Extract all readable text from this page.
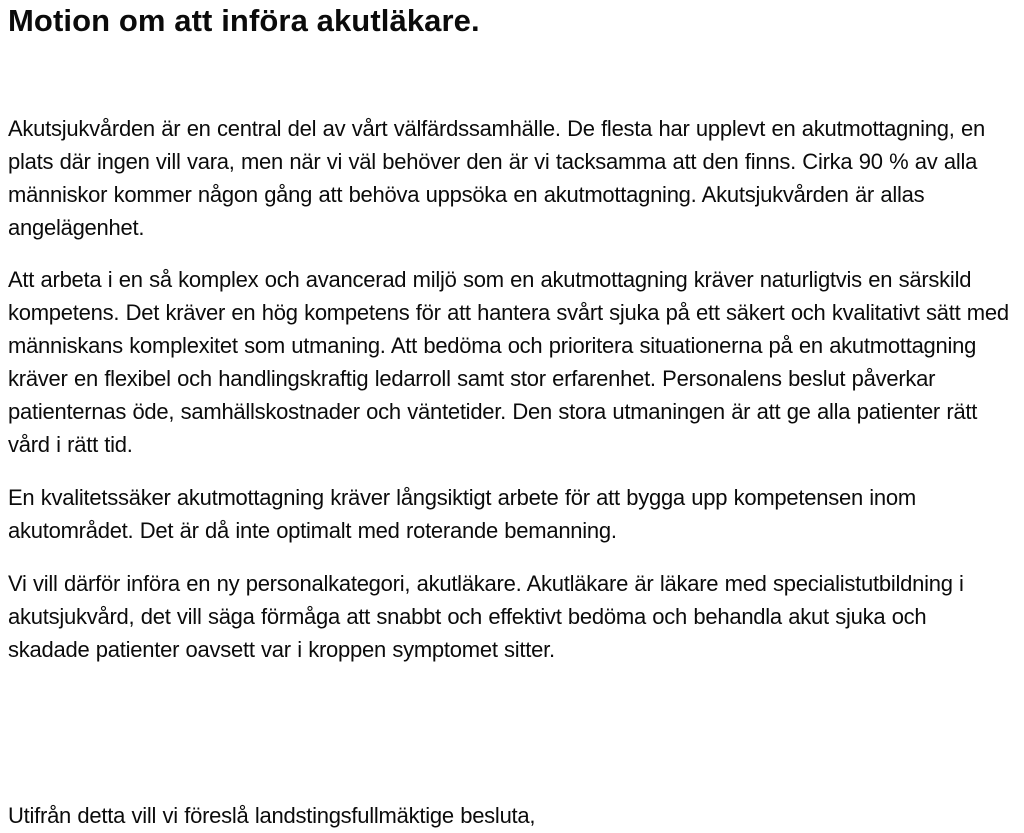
Motion om att införa akutläkare.

Akutsjukvården är en central del av vårt välfärdssamhälle. De flesta har upplevt en akutmottagning, en plats där ingen vill vara, men när vi väl behöver den är vi tacksamma att den finns. Cirka 90 % av alla människor kommer någon gång att behöva uppsöka en akutmottagning. Akutsjukvården är allas angelägenhet.

Att arbeta i en så komplex och avancerad miljö som en akutmottagning kräver naturligtvis en särskild kompetens. Det kräver en hög kompetens för att hantera svårt sjuka på ett säkert och kvalitativt sätt med människans komplexitet som utmaning. Att bedöma och prioritera situationerna på en akutmottagning kräver en flexibel och handlingskraftig ledarroll samt stor erfarenhet. Personalens beslut påverkar patienternas öde, samhällskostnader och väntetider. Den stora utmaningen är att ge alla patienter rätt vård i rätt tid.

En kvalitetssäker akutmottagning kräver långsiktigt arbete för att bygga upp kompetensen inom akutområdet. Det är då inte optimalt med roterande bemanning.

Vi vill därför införa en ny personalkategori, akutläkare. Akutläkare är läkare med specialistutbildning i akutsjukvård, det vill säga förmåga att snabbt och effektivt bedöma och behandla akut sjuka och skadade patienter oavsett var i kroppen symptomet sitter.

Utifrån detta vill vi föreslå landstingsfullmäktige besluta,
